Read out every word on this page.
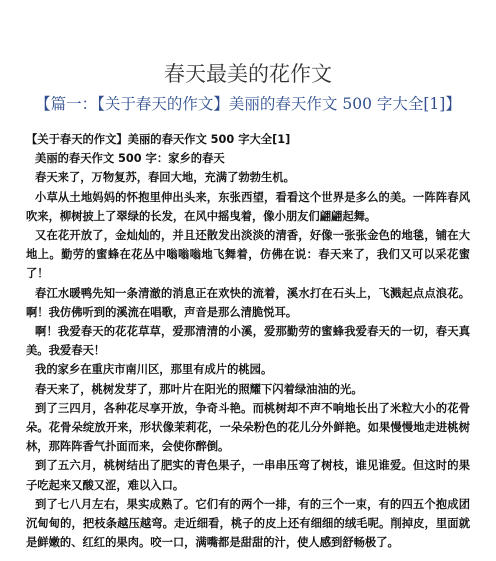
春天最美的花作文
【篇一：【关于春天的作文】美丽的春天作文 500 字大全[1]】

【关于春天的作文】美丽的春天作文 500 字大全[1]

美丽的春天作文 500 字：家乡的春天

春天来了，万物复苏，春回大地，充满了勃勃生机。

小草从土地妈妈的怀抱里伸出头来，东张西望，看看这个世界是多么的美。一阵阵春风吹来，柳树披上了翠绿的长发，在风中摇曳着，像小朋友们翩翩起舞。

又在花开放了，金灿灿的，并且还散发出淡淡的清香，好像一张张金色的地毯，铺在大地上。勤劳的蜜蜂在花丛中嗡嗡嗡地飞舞着，仿佛在说：春天来了，我们又可以采花蜜了！

春江水暖鸭先知一条清澈的消息正在欢快的流着，溪水打在石头上，飞溅起点点浪花。啊！我仿佛听到的溪流在唱歌，声音是那么清脆悦耳。

啊！我爱春天的花花草草，爱那清清的小溪，爱那勤劳的蜜蜂我爱春天的一切，春天真美。我爱春天！

我的家乡在重庆市南川区，那里有成片的桃园。

春天来了，桃树发芽了，那叶片在阳光的照耀下闪着绿油油的光。

到了三四月，各种花尽享开放，争奇斗艳。而桃树却不声不响地长出了米粒大小的花骨朵。花骨朵绽放开来，形状像茉莉花，一朵朵粉色的花儿分外鲜艳。如果慢慢地走进桃树林，那阵阵香气扑面而来，会使你醉倒。

到了五六月，桃树结出了肥实的青色果子，一串串压弯了树枝，谁见谁爱。但这时的果子吃起来又酸又涩，难以入口。

到了七八月左右，果实成熟了。它们有的两个一排，有的三个一束，有的四五个抱成团沉甸甸的，把枝条越压越弯。走近细看，桃子的皮上还有细细的绒毛呢。削掉皮，里面就是鲜嫩的、红红的果肉。咬一口，满嘴都是甜甜的汁，使人感到舒畅极了。
